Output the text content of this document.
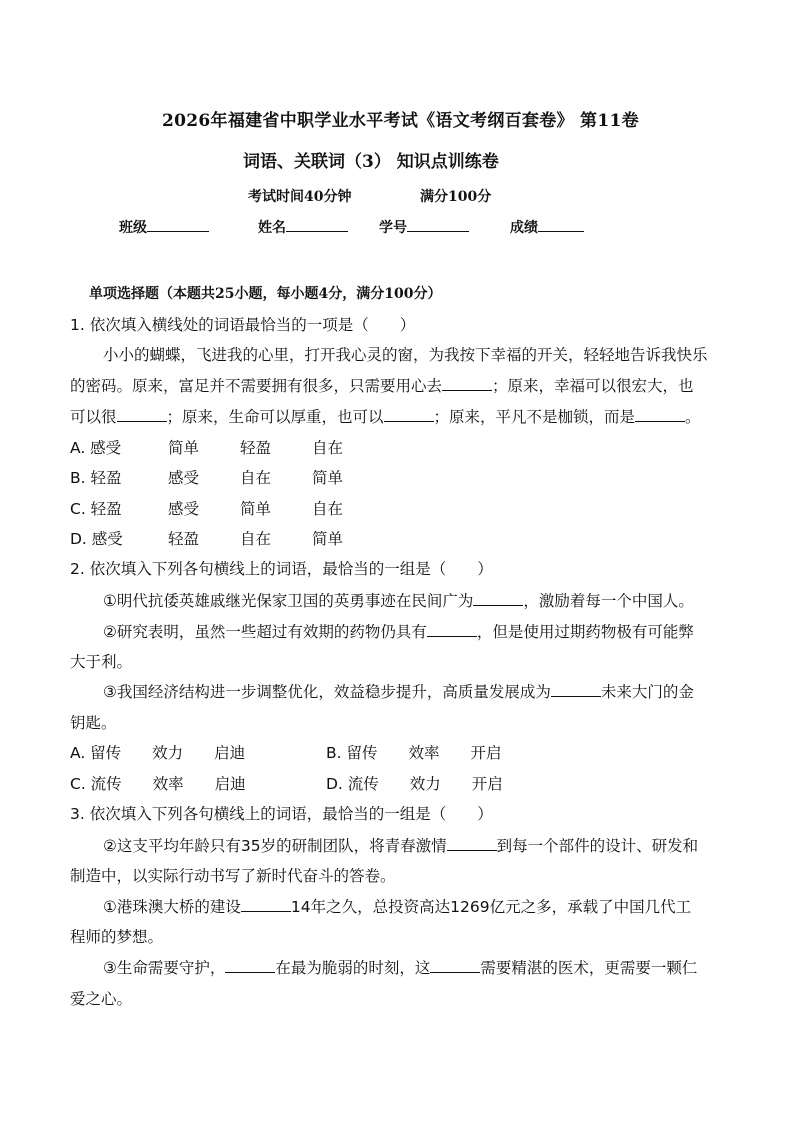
2026年福建省中职学业水平考试《语文考纲百套卷》 第11卷
词语、关联词（3） 知识点训练卷
考试时间40分钟	满分100分
班级	姓名	学号	成绩
单项选择题（本题共25小题，每小题4分，满分100分）
1. 依次填入横线处的词语最恰当的一项是（　　）
小小的蝴蝶，飞进我的心里，打开我心灵的窗，为我按下幸福的开关，轻轻地告诉我快乐
的密码。原来，富足并不需要拥有很多，只需要用心去	；原来，幸福可以很宏大，也
可以很	；原来，生命可以厚重，也可以	；原来，平凡不是枷锁，而是	。
A. 感受	简单	轻盈	自在
B. 轻盈	感受	自在	简单
C. 轻盈	感受	简单	自在
D. 感受	轻盈	自在	简单
2. 依次填入下列各句横线上的词语，最恰当的一组是（　　）
①明代抗倭英雄戚继光保家卫国的英勇事迹在民间广为	，激励着每一个中国人。
②研究表明，虽然一些超过有效期的药物仍具有	，但是使用过期药物极有可能弊
大于利。
③我国经济结构进一步调整优化，效益稳步提升，高质量发展成为	未来大门的金
钥匙。
A. 留传　　效力　　启迪	B. 留传　　效率　　开启
C. 流传　　效率　　启迪	D. 流传　　效力　　开启
3. 依次填入下列各句横线上的词语，最恰当的一组是（　　）
②这支平均年龄只有35岁的研制团队，将青春激情	到每一个部件的设计、研发和
制造中，以实际行动书写了新时代奋斗的答卷。
①港珠澳大桥的建设	14年之久，总投资高达1269亿元之多，承载了中国几代工
程师的梦想。
③生命需要守护，	在最为脆弱的时刻，这	需要精湛的医术，更需要一颗仁
爱之心。
